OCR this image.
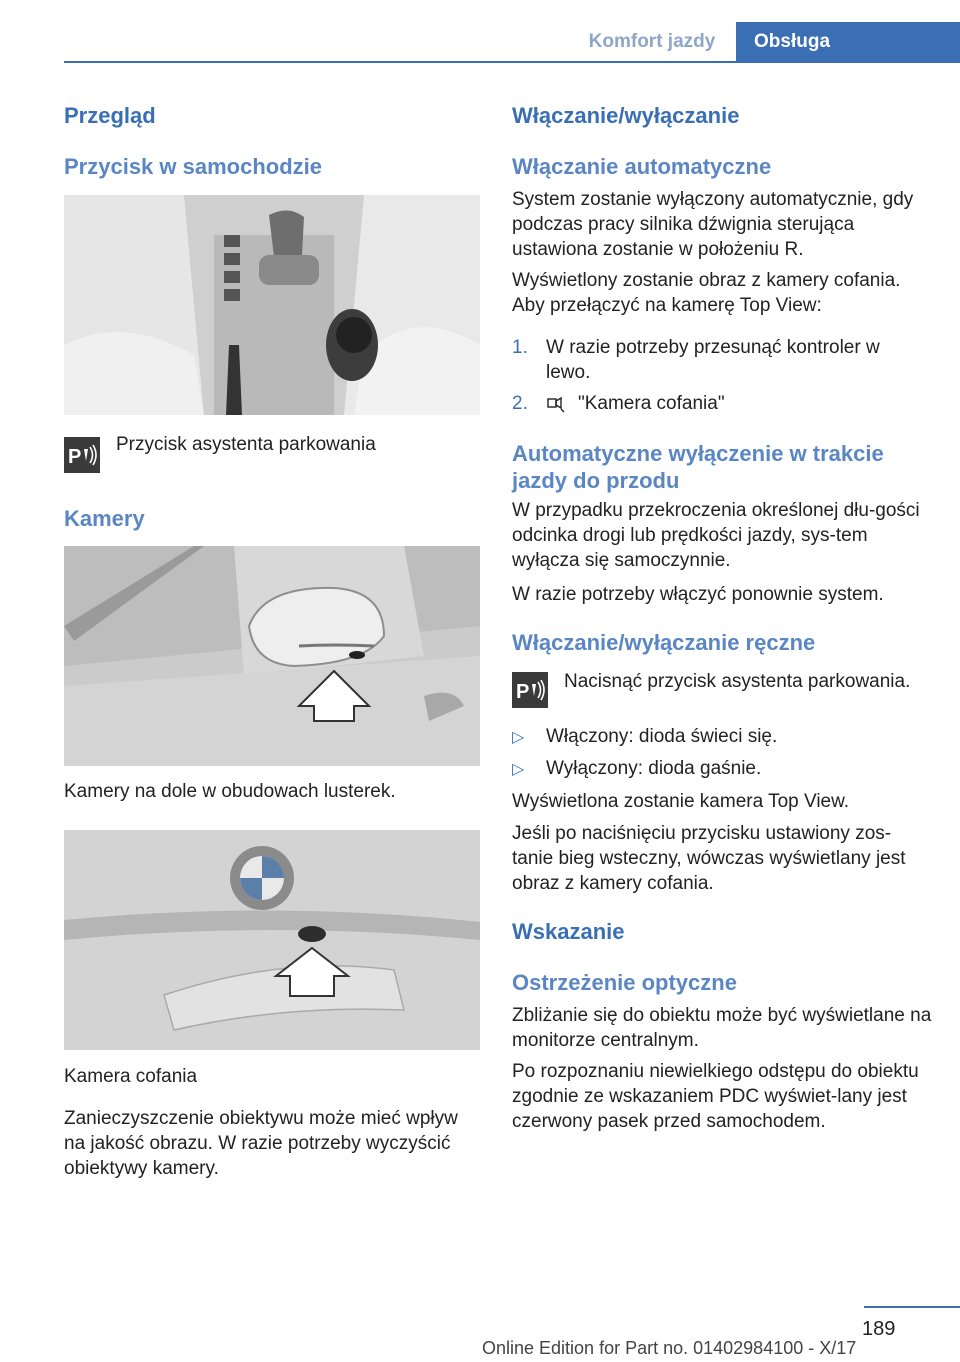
Komfort jazdy	Obsługa
Przegląd
Przycisk w samochodzie
P

Przycisk asystenta parkowania

Kamery

Kamery na dole w obudowach lusterek.

Kamera cofania

Zanieczyszczenie obiektywu może mieć wpływ na jakość obrazu. W razie potrzeby wyczyścić obiektywy kamery.

Włączanie/wyłączanie
Włączanie automatyczne

System zostanie wyłączony automatycznie, gdy podczas pracy silnika dźwignia sterująca ustawiona zostanie w położeniu R.

Wyświetlony zostanie obraz z kamery cofania. Aby przełączyć na kamerę Top View:

1. W razie potrzeby przesunąć kontroler w lewo.
2.	"Kamera cofania"
Automatyczne wyłączenie w trakcie jazdy do przodu

W przypadku przekroczenia określonej dłu‐gości odcinka drogi lub prędkości jazdy, sys‐tem wyłącza się samoczynnie.

W razie potrzeby włączyć ponownie system.

Włączanie/wyłączanie ręczne
P Nacisnąć przycisk asystenta parkowania.

▷ Włączony: dioda świeci się.
▷ Wyłączony: dioda gaśnie.

Wyświetlona zostanie kamera Top View.

Jeśli po naciśnięciu przycisku ustawiony zos‐tanie bieg wsteczny, wówczas wyświetlany jest obraz z kamery cofania.

Wskazanie
Ostrzeżenie optyczne

Zbliżanie się do obiektu może być wyświetlane na monitorze centralnym.

Po rozpoznaniu niewielkiego odstępu do obiektu zgodnie ze wskazaniem PDC wyświet‐lany jest czerwony pasek przed samochodem.

189
Online Edition for Part no. 01402984100 - X/17
